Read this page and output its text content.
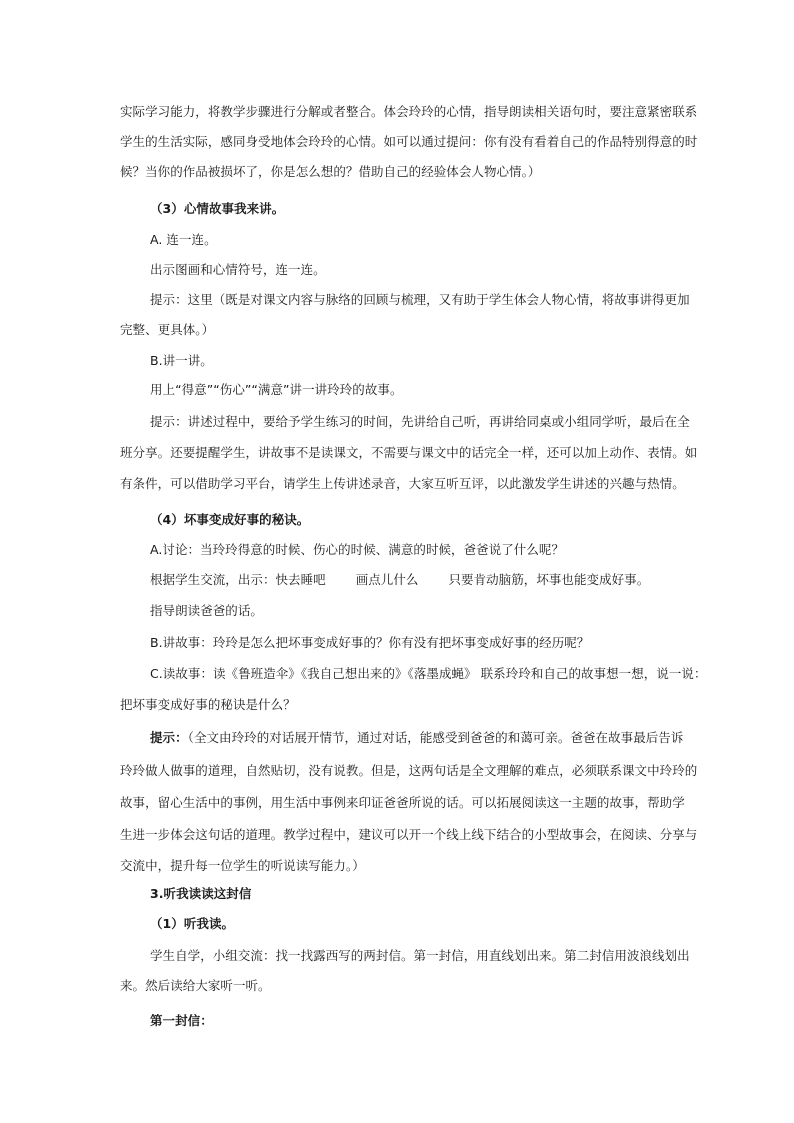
实际学习能力，将教学步骤进行分解或者整合。体会玲玲的心情，指导朗读相关语句时，要注意紧密联系
学生的生活实际，感同身受地体会玲玲的心情。如可以通过提问：你有没有看着自己的作品特别得意的时
候？当你的作品被损坏了，你是怎么想的？借助自己的经验体会人物心情。）
（3）心情故事我来讲。
A. 连一连。
出示图画和心情符号，连一连。
提示：这里（既是对课文内容与脉络的回顾与梳理，又有助于学生体会人物心情，将故事讲得更加
完整、更具体。）
B.讲一讲。
用上“得意”“伤心”“满意”讲一讲玲玲的故事。
提示：讲述过程中，要给予学生练习的时间，先讲给自己听，再讲给同桌或小组同学听，最后在全
班分享。还要提醒学生，讲故事不是读课文，不需要与课文中的话完全一样，还可以加上动作、表情。如
有条件，可以借助学习平台，请学生上传讲述录音，大家互听互评，以此激发学生讲述的兴趣与热情。
（4）坏事变成好事的秘诀。
A.讨论：当玲玲得意的时候、伤心的时候、满意的时候，爸爸说了什么呢？
根据学生交流，出示：快去睡吧 画点儿什么 只要肯动脑筋，坏事也能变成好事。
指导朗读爸爸的话。
B.讲故事：玲玲是怎么把坏事变成好事的？你有没有把坏事变成好事的经历呢？
C.读故事：读《鲁班造伞》《我自己想出来的》《落墨成蝇》 联系玲玲和自己的故事想一想，说一说：
把坏事变成好事的秘诀是什么？
提示：（全文由玲玲的对话展开情节，通过对话，能感受到爸爸的和蔼可亲。爸爸在故事最后告诉
玲玲做人做事的道理，自然贴切，没有说教。但是，这两句话是全文理解的难点，必须联系课文中玲玲的
故事，留心生活中的事例，用生活中事例来印证爸爸所说的话。可以拓展阅读这一主题的故事，帮助学
生进一步体会这句话的道理。教学过程中，建议可以开一个线上线下结合的小型故事会，在阅读、分享与
交流中，提升每一位学生的听说读写能力。）
3.听我读读这封信
（1）听我读。
学生自学，小组交流：找一找露西写的两封信。第一封信，用直线划出来。第二封信用波浪线划出
来。然后读给大家听一听。
第一封信：
